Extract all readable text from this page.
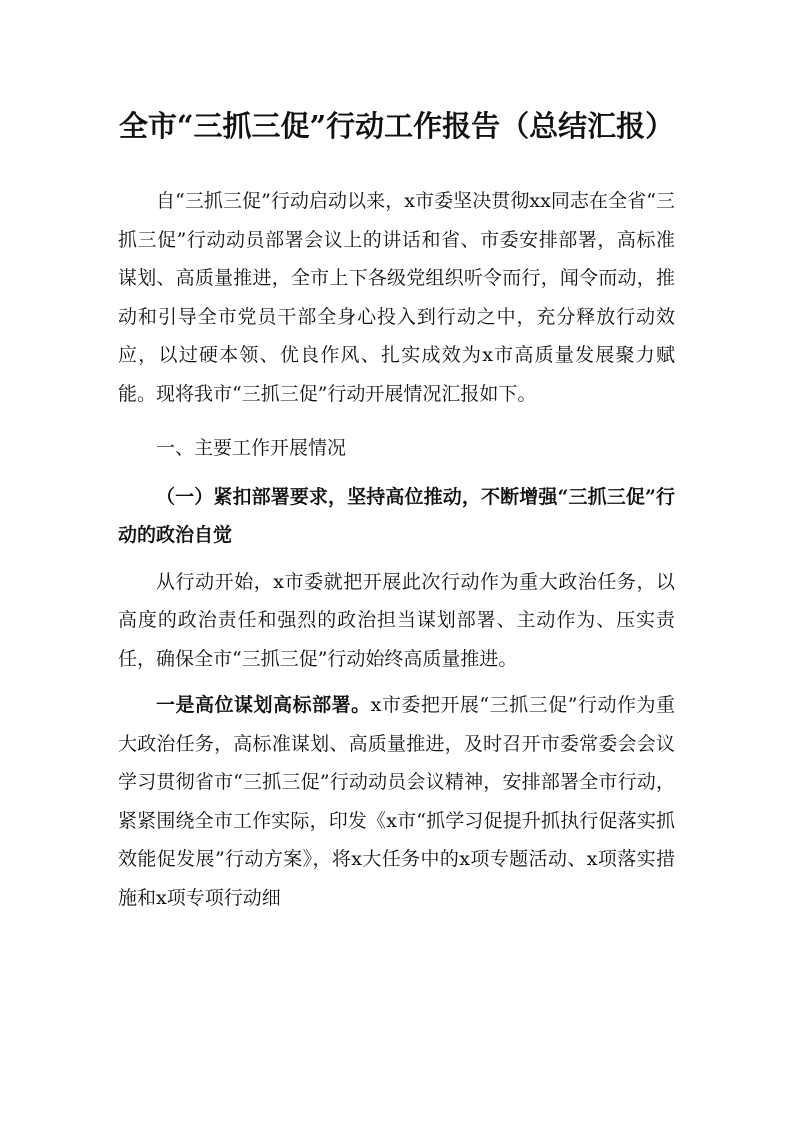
全市“三抓三促”行动工作报告（总结汇报）

自“三抓三促”行动启动以来，x市委坚决贯彻xx同志在全省“三抓三促”行动动员部署会议上的讲话和省、市委安排部署，高标准谋划、高质量推进，全市上下各级党组织听令而行，闻令而动，推动和引导全市党员干部全身心投入到行动之中，充分释放行动效应，以过硬本领、优良作风、扎实成效为x市高质量发展聚力赋能。现将我市“三抓三促”行动开展情况汇报如下。

一、主要工作开展情况

（一）紧扣部署要求，坚持高位推动，不断增强“三抓三促”行动的政治自觉

从行动开始，x市委就把开展此次行动作为重大政治任务，以高度的政治责任和强烈的政治担当谋划部署、主动作为、压实责任，确保全市“三抓三促”行动始终高质量推进。

一是高位谋划高标部署。x市委把开展“三抓三促”行动作为重大政治任务，高标准谋划、高质量推进，及时召开市委常委会会议学习贯彻省市“三抓三促”行动动员会议精神，安排部署全市行动，紧紧围绕全市工作实际，印发《x市“抓学习促提升抓执行促落实抓效能促发展”行动方案》，将x大任务中的x项专题活动、x项落实措施和x项专项行动细
